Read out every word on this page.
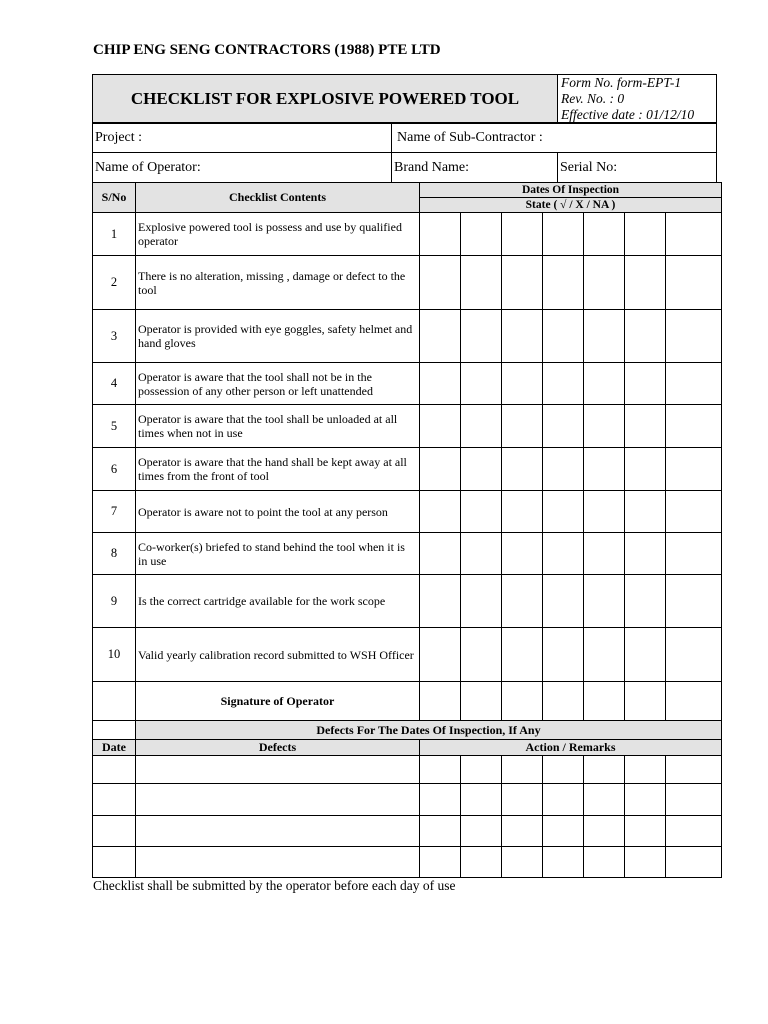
CHIP ENG SENG CONTRACTORS (1988) PTE LTD
CHECKLIST FOR EXPLOSIVE POWERED TOOL	
Form No. form-EPT-1
Rev. No. : 0
Effective date : 01/12/10
Project :	Name of Sub-Contractor :	
Name of Operator:	Brand Name:	Serial No:
S/No	Checklist Contents	Dates Of Inspection						
		State ( √ / X / NA )						
1	Explosive powered tool is possess and use by qualified operator							
2	There is no alteration, missing , damage or defect to the tool							
3	Operator is provided with eye goggles, safety helmet and hand gloves							
4	Operator is aware that the tool shall not be in the possession of any other person or left unattended							
5	Operator is aware that the tool shall be unloaded at all times when not in use							
6	Operator is aware that the hand shall be kept away at all times from the front of tool							
7	Operator is aware not to point the tool at any person							
8	Co-worker(s) briefed to stand behind the tool when it is in use							
9	Is the correct cartridge available for the work scope							
10	Valid yearly calibration record submitted to WSH Officer							
	Signature of Operator							
	Defects For The Dates Of Inspection, If Any							
Date	Defects	Action / Remarks						

Checklist shall be submitted by the operator before each day of use
